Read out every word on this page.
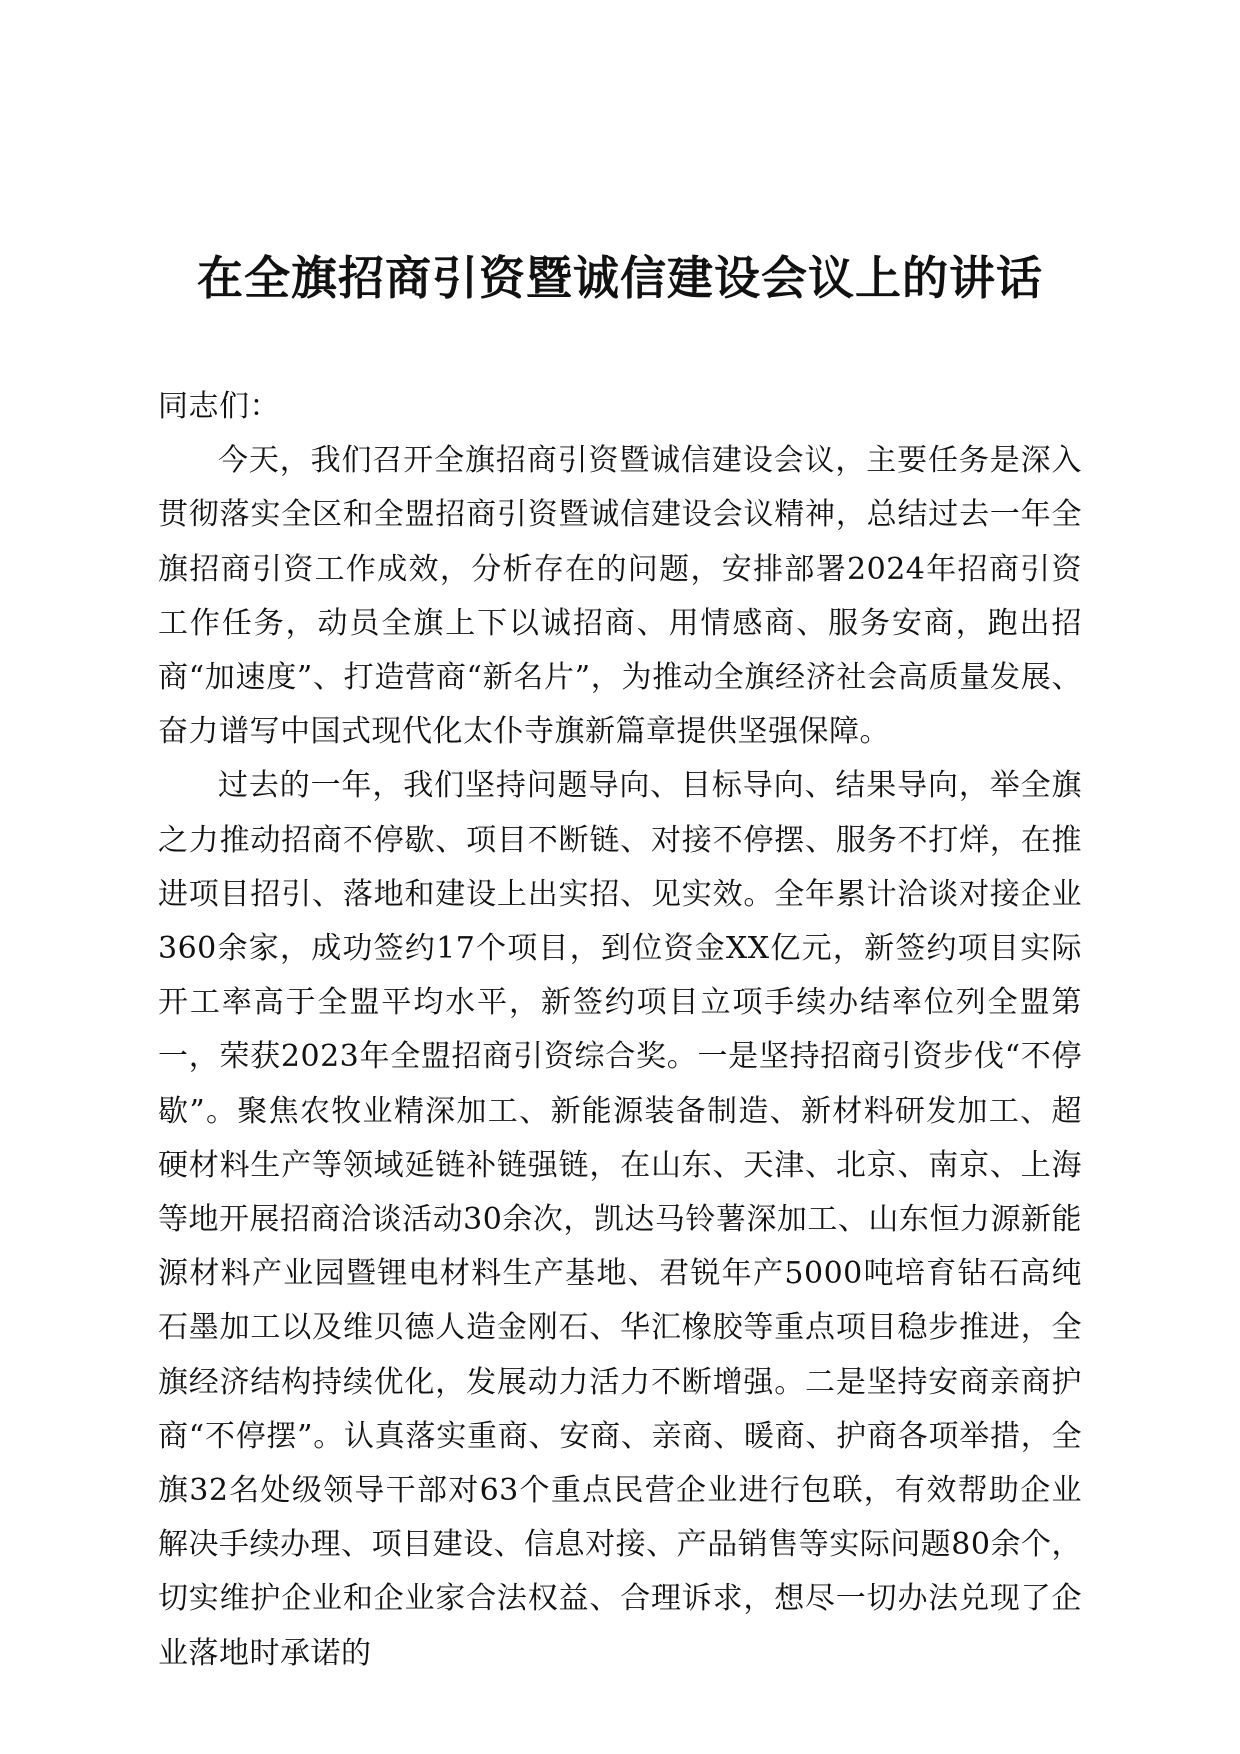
在全旗招商引资暨诚信建设会议上的讲话

同志们：

今天，我们召开全旗招商引资暨诚信建设会议，主要任务是深入贯彻落实全区和全盟招商引资暨诚信建设会议精神，总结过去一年全旗招商引资工作成效，分析存在的问题，安排部署2024年招商引资工作任务，动员全旗上下以诚招商、用情感商、服务安商，跑出招商“加速度”、打造营商“新名片”，为推动全旗经济社会高质量发展、奋力谱写中国式现代化太仆寺旗新篇章提供坚强保障。

过去的一年，我们坚持问题导向、目标导向、结果导向，举全旗之力推动招商不停歇、项目不断链、对接不停摆、服务不打烊，在推进项目招引、落地和建设上出实招、见实效。全年累计洽谈对接企业360余家，成功签约17个项目，到位资金XX亿元，新签约项目实际开工率高于全盟平均水平，新签约项目立项手续办结率位列全盟第一，荣获2023年全盟招商引资综合奖。一是坚持招商引资步伐“不停歇”。聚焦农牧业精深加工、新能源装备制造、新材料研发加工、超硬材料生产等领域延链补链强链，在山东、天津、北京、南京、上海等地开展招商洽谈活动30余次，凯达马铃薯深加工、山东恒力源新能源材料产业园暨锂电材料生产基地、君锐年产5000吨培育钻石高纯石墨加工以及维贝德人造金刚石、华汇橡胶等重点项目稳步推进，全旗经济结构持续优化，发展动力活力不断增强。二是坚持安商亲商护商“不停摆”。认真落实重商、安商、亲商、暖商、护商各项举措，全旗32名处级领导干部对63个重点民营企业进行包联，有效帮助企业解决手续办理、项目建设、信息对接、产品销售等实际问题80余个，切实维护企业和企业家合法权益、合理诉求，想尽一切办法兑现了企业落地时承诺的
